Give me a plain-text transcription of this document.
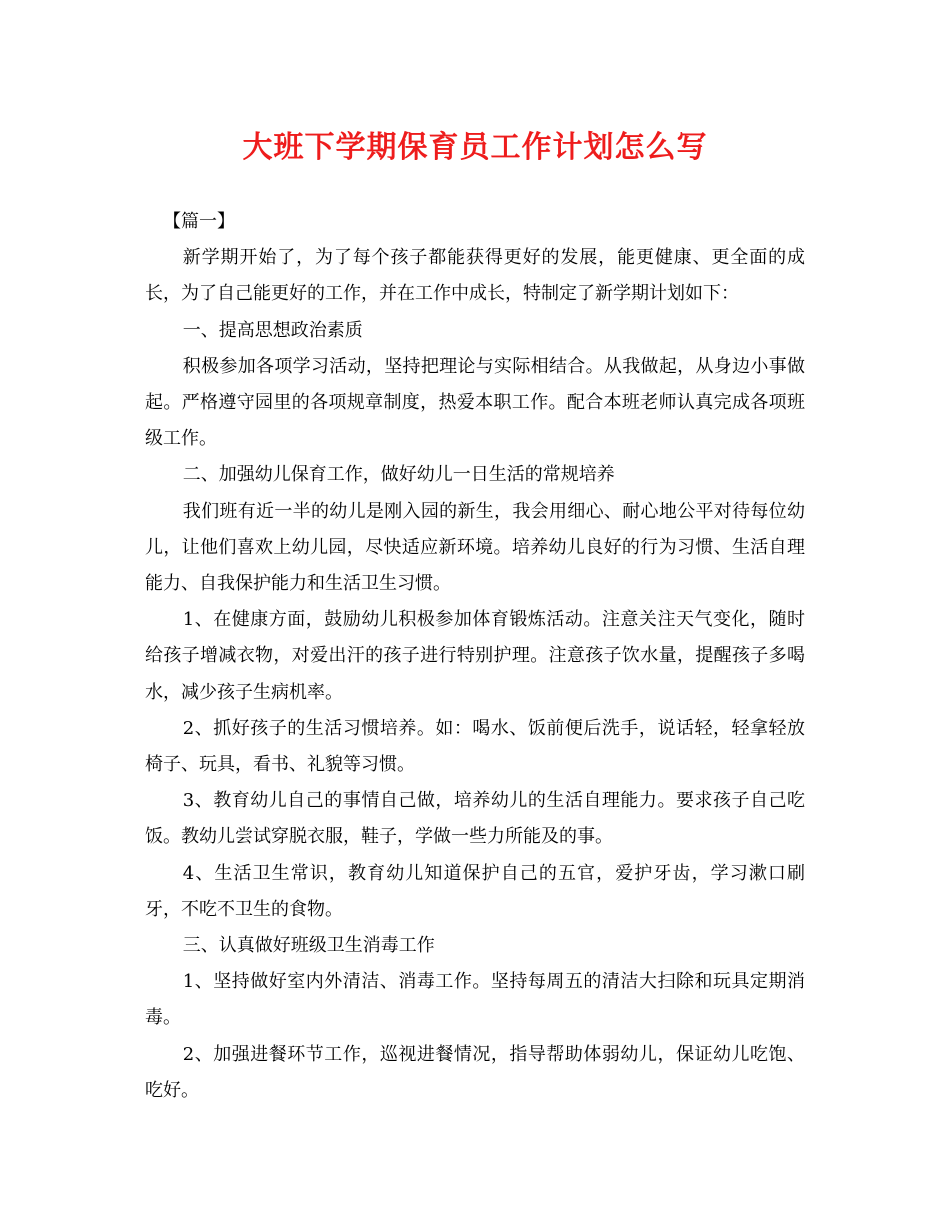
大班下学期保育员工作计划怎么写

【篇一】

新学期开始了，为了每个孩子都能获得更好的发展，能更健康、更全面的成长，为了自己能更好的工作，并在工作中成长，特制定了新学期计划如下：

一、提高思想政治素质

积极参加各项学习活动，坚持把理论与实际相结合。从我做起，从身边小事做起。严格遵守园里的各项规章制度，热爱本职工作。配合本班老师认真完成各项班级工作。

二、加强幼儿保育工作，做好幼儿一日生活的常规培养

我们班有近一半的幼儿是刚入园的新生，我会用细心、耐心地公平对待每位幼儿，让他们喜欢上幼儿园，尽快适应新环境。培养幼儿良好的行为习惯、生活自理能力、自我保护能力和生活卫生习惯。

1、在健康方面，鼓励幼儿积极参加体育锻炼活动。注意关注天气变化，随时给孩子增减衣物，对爱出汗的孩子进行特别护理。注意孩子饮水量，提醒孩子多喝水，减少孩子生病机率。

2、抓好孩子的生活习惯培养。如：喝水、饭前便后洗手，说话轻，轻拿轻放椅子、玩具，看书、礼貌等习惯。

3、教育幼儿自己的事情自己做，培养幼儿的生活自理能力。要求孩子自己吃饭。教幼儿尝试穿脱衣服，鞋子，学做一些力所能及的事。

4、生活卫生常识，教育幼儿知道保护自己的五官，爱护牙齿，学习漱口刷牙，不吃不卫生的食物。

三、认真做好班级卫生消毒工作

1、坚持做好室内外清洁、消毒工作。坚持每周五的清洁大扫除和玩具定期消毒。

2、加强进餐环节工作，巡视进餐情况，指导帮助体弱幼儿，保证幼儿吃饱、吃好。
